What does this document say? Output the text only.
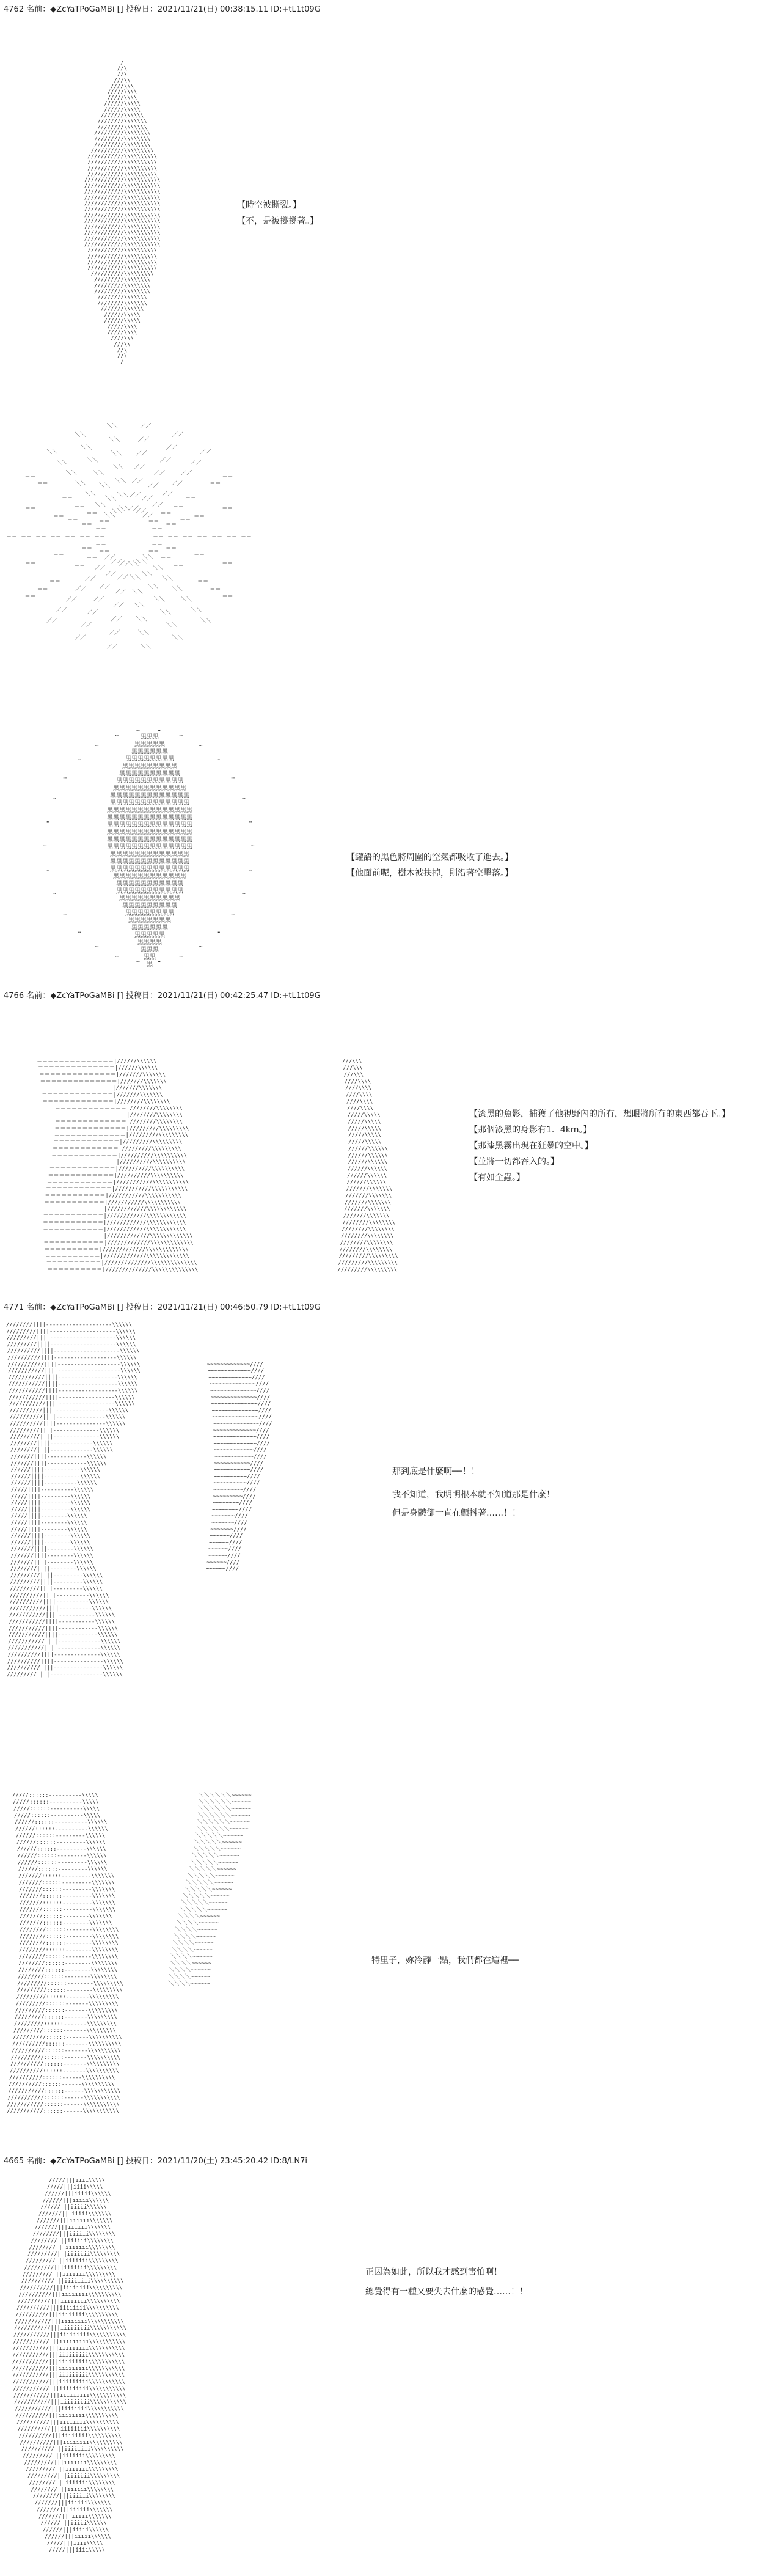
4762 名前：◆ZcYaTPoGaMBi [] 投稿日：2021/11/21(日) 00:38:15.11 ID:+tL1t09G
/
//\
//\
///\\
////\\\
/////\\\\
/////\\\\
//////\\\\\
//////\\\\\
///////\\\\\\
////////\\\\\\\
////////\\\\\\\
/////////\\\\\\\\
/////////\\\\\\\\
/////////\\\\\\\\
//////////\\\\\\\\\
///////////\\\\\\\\\\
///////////\\\\\\\\\\
///////////\\\\\\\\\\
///////////\\\\\\\\\\
////////////\\\\\\\\\\\
////////////\\\\\\\\\\\
////////////\\\\\\\\\\\
////////////\\\\\\\\\\\
////////////\\\\\\\\\\\
////////////\\\\\\\\\\\
////////////\\\\\\\\\\\
////////////\\\\\\\\\\\
////////////\\\\\\\\\\\
////////////\\\\\\\\\\\
////////////\\\\\\\\\\\
////////////\\\\\\\\\\\
///////////\\\\\\\\\\
///////////\\\\\\\\\\
///////////\\\\\\\\\\
///////////\\\\\\\\\\
//////////\\\\\\\\\
/////////\\\\\\\\
/////////\\\\\\\\
/////////\\\\\\\\
////////\\\\\\\
////////\\\\\\\
///////\\\\\\
//////\\\\\
//////\\\\\
/////\\\\
/////\\\\
////\\\
///\\
//\
//\
/
【時空被撕裂。】
【不，是被撐撐著。】
＝＝ ＝＝ ＝＝ ＝＝ ＝＝ ＝＝ ＝＝
＝＝
＝＝
＝＝
＝＝
＝＝
＝＝
＝＝
＝＝
＝＝
＝＝
＝＝
＝＝
＝＝
＝＝
＼＼
＼＼
＼＼
＼＼
＼＼
＼＼
＼＼
＼＼
＼＼
＼＼
＼＼
＼＼
＼＼
＼＼
＼＼
＼＼
＼＼
＼＼
＼＼
＼＼
＼＼
／／
／／
／／
／／
／／
／／
／／
／／
／／
／／
／／
／／
／／
／／
／／
／／
／／
／／
／／
／／
／／
＝＝
＝＝
＝＝
＝＝
＝＝
＝＝
＝＝
＝＝
＝＝
＝＝
＝＝
＝＝
＝＝
＝＝
＝＝
＝＝
＝＝
＝＝
＝＝
＝＝
＝＝
＝＝
＝＝
＝＝
＝＝
＝＝
＝＝
＝＝
＝＝
＝＝
＝＝
＝＝
＝＝
＝＝
＝＝
＼＼
＼＼
＼＼
＼＼
＼＼
＼＼
＼＼
＼＼
＼＼
＼＼
＼＼
＼＼
＼＼
＼＼
＼＼
＼＼
＼＼
＼＼
＼＼
＼＼
＼＼
／／
／／
／／
／／
／／
／／
／／
／／
／／
／／
／／
／／
／／
／／
／／
／／
／／
／／
／／
／／
／／
＝＝
＝＝
＝＝
＝＝
＝＝
＝＝
＝＝
＝＝
＝＝
＝＝
＝＝
＝＝
＝＝
＝＝
黒黒黒
黒黒黒黒黒
黒黒黒黒黒黒
黒黒黒黒黒黒黒黒
黒黒黒黒黒黒黒黒黒
黒黒黒黒黒黒黒黒黒黒
黒黒黒黒黒黒黒黒黒黒黒
黒黒黒黒黒黒黒黒黒黒黒黒
黒黒黒黒黒黒黒黒黒黒黒黒黒
黒黒黒黒黒黒黒黒黒黒黒黒黒
黒黒黒黒黒黒黒黒黒黒黒黒黒黒
黒黒黒黒黒黒黒黒黒黒黒黒黒黒
黒黒黒黒黒黒黒黒黒黒黒黒黒黒
黒黒黒黒黒黒黒黒黒黒黒黒黒黒
黒黒黒黒黒黒黒黒黒黒黒黒黒黒
黒黒黒黒黒黒黒黒黒黒黒黒黒黒
黒黒黒黒黒黒黒黒黒黒黒黒黒
黒黒黒黒黒黒黒黒黒黒黒黒黒
黒黒黒黒黒黒黒黒黒黒黒黒黒
黒黒黒黒黒黒黒黒黒黒黒黒
黒黒黒黒黒黒黒黒黒黒黒
黒黒黒黒黒黒黒黒黒黒黒
黒黒黒黒黒黒黒黒黒黒
黒黒黒黒黒黒黒黒黒
黒黒黒黒黒黒黒黒
黒黒黒黒黒黒黒
黒黒黒黒黒黒
黒黒黒黒黒
黒黒黒黒
黒黒黒
黒黒
黒
…
…
…
…
…
…
…
…
…
…
…
…
…
…
…
…
…
…
…
…
…
…
…	…
…
…
…
…
…
…
【罐語的黑色將周圍的空氣都吸收了進去。】
【他面前呢，樹木被扶掉，則沿著空擊落。】
4766 名前：◆ZcYaTPoGaMBi [] 投稿日：2021/11/21(日) 00:42:25.47 ID:+tL1t09G
＝＝＝＝＝＝＝＝＝＝＝＝＝＝|//////\\\\\\	///\\\
＝＝＝＝＝＝＝＝＝＝＝＝＝＝|//////\\\\\\	///\\\
＝＝＝＝＝＝＝＝＝＝＝＝＝＝|///////\\\\\\\	///\\\
＝＝＝＝＝＝＝＝＝＝＝＝＝＝|///////\\\\\\\	////\\\\
＝＝＝＝＝＝＝＝＝＝＝＝＝|///////\\\\\\\	////\\\\
＝＝＝＝＝＝＝＝＝＝＝＝＝|///////\\\\\\\	////\\\\
＝＝＝＝＝＝＝＝＝＝＝＝＝|////////\\\\\\\\	////\\\\
＝＝＝＝＝＝＝＝＝＝＝＝＝|////////\\\\\\\\	////\\\\
＝＝＝＝＝＝＝＝＝＝＝＝＝|////////\\\\\\\\	/////\\\\\
＝＝＝＝＝＝＝＝＝＝＝＝＝|////////\\\\\\\\	/////\\\\\
＝＝＝＝＝＝＝＝＝＝＝＝＝|/////////\\\\\\\\\	/////\\\\\
＝＝＝＝＝＝＝＝＝＝＝＝＝|/////////\\\\\\\\\	/////\\\\\
＝＝＝＝＝＝＝＝＝＝＝＝|/////////\\\\\\\\\	/////\\\\\
＝＝＝＝＝＝＝＝＝＝＝＝|/////////\\\\\\\\\	//////\\\\\\
＝＝＝＝＝＝＝＝＝＝＝＝|//////////\\\\\\\\\\	//////\\\\\\
＝＝＝＝＝＝＝＝＝＝＝＝|//////////\\\\\\\\\\	//////\\\\\\
＝＝＝＝＝＝＝＝＝＝＝＝|//////////\\\\\\\\\\	//////\\\\\\
＝＝＝＝＝＝＝＝＝＝＝＝|//////////\\\\\\\\\\	//////\\\\\\
＝＝＝＝＝＝＝＝＝＝＝＝|///////////\\\\\\\\\\\	//////\\\\\\
＝＝＝＝＝＝＝＝＝＝＝＝|///////////\\\\\\\\\\\	///////\\\\\\\
＝＝＝＝＝＝＝＝＝＝＝|///////////\\\\\\\\\\\	///////\\\\\\\
＝＝＝＝＝＝＝＝＝＝＝|///////////\\\\\\\\\\\	///////\\\\\\\
＝＝＝＝＝＝＝＝＝＝＝|////////////\\\\\\\\\\\\	///////\\\\\\\
＝＝＝＝＝＝＝＝＝＝＝|////////////\\\\\\\\\\\\	///////\\\\\\\
＝＝＝＝＝＝＝＝＝＝＝|////////////\\\\\\\\\\\\	////////\\\\\\\\
＝＝＝＝＝＝＝＝＝＝＝|////////////\\\\\\\\\\\\	////////\\\\\\\\
＝＝＝＝＝＝＝＝＝＝＝|/////////////\\\\\\\\\\\\\	////////\\\\\\\\
＝＝＝＝＝＝＝＝＝＝＝|/////////////\\\\\\\\\\\\\	////////\\\\\\\\
＝＝＝＝＝＝＝＝＝＝|/////////////\\\\\\\\\\\\\	////////\\\\\\\\
＝＝＝＝＝＝＝＝＝＝|/////////////\\\\\\\\\\\\\	/////////\\\\\\\\\
＝＝＝＝＝＝＝＝＝＝|//////////////\\\\\\\\\\\\\\	/////////\\\\\\\\\
＝＝＝＝＝＝＝＝＝＝|//////////////\\\\\\\\\\\\\\	/////////\\\\\\\\\
【漆黑的魚影，捕獲了他視野內的所有，想眼將所有的東西都吞下。】
【那個漆黑的身影有1．4km。】
【那漆黑霧出現在狂暴的空中。】
【並將一切都吞入的。】
【有如全蟲。】
4771 名前：◆ZcYaTPoGaMBi [] 投稿日：2021/11/21(日) 00:46:50.79 ID:+tL1t09G
////////||||‐‐‐‐‐‐‐‐‐‐‐‐‐‐‐‐‐‐‐‐\\\\\\
/////////||||‐‐‐‐‐‐‐‐‐‐‐‐‐‐‐‐‐‐‐‐\\\\\\
/////////||||‐‐‐‐‐‐‐‐‐‐‐‐‐‐‐‐‐‐‐‐\\\\\\
/////////||||‐‐‐‐‐‐‐‐‐‐‐‐‐‐‐‐‐‐‐‐\\\\\\
//////////||||‐‐‐‐‐‐‐‐‐‐‐‐‐‐‐‐‐‐‐‐\\\\\\
//////////||||‐‐‐‐‐‐‐‐‐‐‐‐‐‐‐‐‐‐‐\\\\\\
///////////||||‐‐‐‐‐‐‐‐‐‐‐‐‐‐‐‐‐‐‐\\\\\\	~~~~~~~~~~~~~////
///////////||||‐‐‐‐‐‐‐‐‐‐‐‐‐‐‐‐‐‐‐\\\\\\	~~~~~~~~~~~~~////
///////////||||‐‐‐‐‐‐‐‐‐‐‐‐‐‐‐‐‐‐\\\\\\	~~~~~~~~~~~~~////
///////////||||‐‐‐‐‐‐‐‐‐‐‐‐‐‐‐‐‐‐\\\\\\	~~~~~~~~~~~~~~////
///////////||||‐‐‐‐‐‐‐‐‐‐‐‐‐‐‐‐‐‐\\\\\\	~~~~~~~~~~~~~~////
///////////||||‐‐‐‐‐‐‐‐‐‐‐‐‐‐‐‐‐\\\\\\	~~~~~~~~~~~~~~////
///////////||||‐‐‐‐‐‐‐‐‐‐‐‐‐‐‐‐‐\\\\\\	~~~~~~~~~~~~~~////
//////////||||‐‐‐‐‐‐‐‐‐‐‐‐‐‐‐‐\\\\\\	~~~~~~~~~~~~~~////
//////////||||‐‐‐‐‐‐‐‐‐‐‐‐‐‐‐\\\\\\	~~~~~~~~~~~~~~////
//////////||||‐‐‐‐‐‐‐‐‐‐‐‐‐‐‐\\\\\\	~~~~~~~~~~~~~~////
/////////||||‐‐‐‐‐‐‐‐‐‐‐‐‐‐\\\\\\	~~~~~~~~~~~~~////
/////////||||‐‐‐‐‐‐‐‐‐‐‐‐‐‐\\\\\\	~~~~~~~~~~~~~////
////////||||‐‐‐‐‐‐‐‐‐‐‐‐‐\\\\\\	~~~~~~~~~~~~~////
////////||||‐‐‐‐‐‐‐‐‐‐‐‐‐\\\\\\	~~~~~~~~~~~~////
///////||||‐‐‐‐‐‐‐‐‐‐‐‐\\\\\\	~~~~~~~~~~~~////
///////||||‐‐‐‐‐‐‐‐‐‐‐‐\\\\\\	~~~~~~~~~~~////
//////||||‐‐‐‐‐‐‐‐‐‐‐\\\\\\	~~~~~~~~~~~////
//////||||‐‐‐‐‐‐‐‐‐‐‐\\\\\\	~~~~~~~~~~////
//////||||‐‐‐‐‐‐‐‐‐‐\\\\\\	~~~~~~~~~~////
/////||||‐‐‐‐‐‐‐‐‐‐\\\\\\	~~~~~~~~~////
/////||||‐‐‐‐‐‐‐‐‐\\\\\\	~~~~~~~~~////
/////||||‐‐‐‐‐‐‐‐‐\\\\\\	~~~~~~~~////
/////||||‐‐‐‐‐‐‐‐‐\\\\\\	~~~~~~~~////
/////||||‐‐‐‐‐‐‐‐\\\\\\	~~~~~~~////
/////||||‐‐‐‐‐‐‐‐\\\\\\	~~~~~~~////
/////||||‐‐‐‐‐‐‐‐\\\\\\	~~~~~~~////
//////||||‐‐‐‐‐‐‐‐\\\\\\	~~~~~~////
//////||||‐‐‐‐‐‐‐‐\\\\\\	~~~~~~////
///////||||‐‐‐‐‐‐‐‐\\\\\\	~~~~~~////
///////||||‐‐‐‐‐‐‐‐\\\\\\	~~~~~~////
///////||||‐‐‐‐‐‐‐‐\\\\\\	~~~~~~////
////////||||‐‐‐‐‐‐‐‐\\\\\\	~~~~~~////
/////////||||‐‐‐‐‐‐‐‐‐\\\\\\
/////////||||‐‐‐‐‐‐‐‐‐\\\\\\
/////////||||‐‐‐‐‐‐‐‐‐\\\\\\
//////////||||‐‐‐‐‐‐‐‐‐‐\\\\\\
//////////||||‐‐‐‐‐‐‐‐‐‐\\\\\\
///////////||||‐‐‐‐‐‐‐‐‐‐\\\\\\
///////////||||‐‐‐‐‐‐‐‐‐‐‐\\\\\\
///////////||||‐‐‐‐‐‐‐‐‐‐‐\\\\\\
///////////||||‐‐‐‐‐‐‐‐‐‐‐‐\\\\\\
///////////||||‐‐‐‐‐‐‐‐‐‐‐‐\\\\\\
///////////||||‐‐‐‐‐‐‐‐‐‐‐‐‐\\\\\\
///////////||||‐‐‐‐‐‐‐‐‐‐‐‐‐\\\\\\
//////////||||‐‐‐‐‐‐‐‐‐‐‐‐‐‐\\\\\\
//////////||||‐‐‐‐‐‐‐‐‐‐‐‐‐‐‐\\\\\\
//////////||||‐‐‐‐‐‐‐‐‐‐‐‐‐‐‐\\\\\\
/////////||||‐‐‐‐‐‐‐‐‐‐‐‐‐‐‐‐\\\\\\
那到底是什麼啊──！！
我不知道，我明明根本就不知道那是什麼！
但是身體卻一直在顫抖著……！！
/////::::::‐‐‐‐‐‐‐‐‐‐\\\\\	＼＼＼＼＼＼~~~~~~
/////::::::‐‐‐‐‐‐‐‐‐‐\\\\\	＼＼＼＼＼＼~~~~~~
/////::::::‐‐‐‐‐‐‐‐‐‐\\\\\	＼＼＼＼＼＼~~~~~~
/////::::::‐‐‐‐‐‐‐‐‐‐\\\\\	＼＼＼＼＼＼~~~~~~
//////::::::‐‐‐‐‐‐‐‐‐‐\\\\\\	＼＼＼＼＼＼~~~~~~
//////::::::‐‐‐‐‐‐‐‐‐‐\\\\\\	＼＼＼＼＼＼~~~~~~
//////::::::‐‐‐‐‐‐‐‐‐\\\\\\	＼＼＼＼＼~~~~~~
//////::::::‐‐‐‐‐‐‐‐‐\\\\\\	＼＼＼＼＼~~~~~~
//////::::::‐‐‐‐‐‐‐‐‐\\\\\\	＼＼＼＼＼~~~~~~
//////::::::‐‐‐‐‐‐‐‐‐\\\\\\	＼＼＼＼＼~~~~~~
//////::::::‐‐‐‐‐‐‐‐‐\\\\\\	＼＼＼＼＼~~~~~~
//////::::::‐‐‐‐‐‐‐‐‐\\\\\\	＼＼＼＼＼~~~~~~
///////::::::‐‐‐‐‐‐‐‐‐\\\\\\\	＼＼＼＼＼~~~~~~
///////::::::‐‐‐‐‐‐‐‐‐\\\\\\\	＼＼＼＼＼~~~~~~
///////::::::‐‐‐‐‐‐‐‐‐\\\\\\\	＼＼＼＼＼~~~~~~
///////::::::‐‐‐‐‐‐‐‐‐\\\\\\\	＼＼＼＼＼~~~~~~
///////::::::‐‐‐‐‐‐‐‐‐\\\\\\\	＼＼＼＼＼~~~~~~
///////::::::‐‐‐‐‐‐‐‐‐\\\\\\\	＼＼＼＼＼~~~~~~
///////::::::‐‐‐‐‐‐‐‐\\\\\\\	＼＼＼＼~~~~~~
///////::::::‐‐‐‐‐‐‐‐\\\\\\\	＼＼＼＼~~~~~~
////////::::::‐‐‐‐‐‐‐‐\\\\\\\\	＼＼＼＼~~~~~~
////////::::::‐‐‐‐‐‐‐‐\\\\\\\\	＼＼＼＼~~~~~~
////////::::::‐‐‐‐‐‐‐‐\\\\\\\\	＼＼＼＼~~~~~~
////////::::::‐‐‐‐‐‐‐‐\\\\\\\\	＼＼＼＼~~~~~~
////////::::::‐‐‐‐‐‐‐‐\\\\\\\\	＼＼＼＼~~~~~~
////////::::::‐‐‐‐‐‐‐‐\\\\\\\\	＼＼＼＼~~~~~~
////////::::::‐‐‐‐‐‐‐‐\\\\\\\\	＼＼＼＼~~~~~~
////////::::::‐‐‐‐‐‐‐‐\\\\\\\\	＼＼＼＼~~~~~~
/////////::::::‐‐‐‐‐‐‐‐\\\\\\\\\	＼＼＼＼~~~~~~
/////////::::::‐‐‐‐‐‐‐‐\\\\\\\\\
/////////::::::‐‐‐‐‐‐‐\\\\\\\\\
/////////::::::‐‐‐‐‐‐‐\\\\\\\\\
/////////::::::‐‐‐‐‐‐‐\\\\\\\\\
/////////::::::‐‐‐‐‐‐‐\\\\\\\\\
/////////::::::‐‐‐‐‐‐‐\\\\\\\\\
/////////::::::‐‐‐‐‐‐‐\\\\\\\\\
//////////::::::‐‐‐‐‐‐‐\\\\\\\\\\
//////////::::::‐‐‐‐‐‐‐\\\\\\\\\\
//////////::::::‐‐‐‐‐‐‐\\\\\\\\\\
//////////::::::‐‐‐‐‐‐‐\\\\\\\\\\
//////////::::::‐‐‐‐‐‐‐\\\\\\\\\\
//////////::::::‐‐‐‐‐‐‐\\\\\\\\\\
//////////::::::‐‐‐‐‐‐\\\\\\\\\\
//////////::::::‐‐‐‐‐‐\\\\\\\\\\
///////////::::::‐‐‐‐‐‐\\\\\\\\\\\
///////////::::::‐‐‐‐‐‐\\\\\\\\\\\
///////////::::::‐‐‐‐‐‐\\\\\\\\\\\
///////////::::::‐‐‐‐‐‐\\\\\\\\\\\
特里子，妳冷靜一點，我們都在這裡──
4665 名前：◆ZcYaTPoGaMBi [] 投稿日：2021/11/20(土) 23:45:20.42 ID:8/LN7i
/////|||iiii\\\\\
/////|||iiii\\\\\
//////|||iiiii\\\\\\
//////|||iiiii\\\\\\
//////|||iiiii\\\\\\
///////|||iiiii\\\\\\\
///////|||iiiiii\\\\\\\
///////|||iiiiii\\\\\\\
////////|||iiiiii\\\\\\\\
////////|||iiiiii\\\\\\\\
////////|||iiiiiii\\\\\\\\
/////////|||iiiiiii\\\\\\\\\
/////////|||iiiiiii\\\\\\\\\
/////////|||iiiiiii\\\\\\\\\
/////////|||iiiiiii\\\\\\\\\
//////////|||iiiiiiii\\\\\\\\\\
//////////|||iiiiiiii\\\\\\\\\\
//////////|||iiiiiiii\\\\\\\\\\
//////////|||iiiiiiii\\\\\\\\\\
//////////|||iiiiiiii\\\\\\\\\\
//////////|||iiiiiiii\\\\\\\\\\
///////////|||iiiiiiii\\\\\\\\\\\
///////////|||iiiiiiiii\\\\\\\\\\\
///////////|||iiiiiiiii\\\\\\\\\\\
///////////|||iiiiiiiii\\\\\\\\\\\
///////////|||iiiiiiiii\\\\\\\\\\\
///////////|||iiiiiiiii\\\\\\\\\\\
///////////|||iiiiiiiii\\\\\\\\\\\
///////////|||iiiiiiiii\\\\\\\\\\\
///////////|||iiiiiiiii\\\\\\\\\\\
///////////|||iiiiiiiii\\\\\\\\\\\
///////////|||iiiiiiiii\\\\\\\\\\\
///////////|||iiiiiiiii\\\\\\\\\\\
///////////|||iiiiiiiii\\\\\\\\\\\
///////////|||iiiiiiii\\\\\\\\\\\
//////////|||iiiiiiii\\\\\\\\\\
//////////|||iiiiiiii\\\\\\\\\\
//////////|||iiiiiiii\\\\\\\\\\
//////////|||iiiiiiii\\\\\\\\\\
//////////|||iiiiiiii\\\\\\\\\\
//////////|||iiiiiiii\\\\\\\\\\
/////////|||iiiiiii\\\\\\\\\
/////////|||iiiiiii\\\\\\\\\
/////////|||iiiiiii\\\\\\\\\
/////////|||iiiiiii\\\\\\\\\
////////|||iiiiiii\\\\\\\\
////////|||iiiiii\\\\\\\\
////////|||iiiiii\\\\\\\\
///////|||iiiiii\\\\\\\
///////|||iiiiii\\\\\\\
///////|||iiiii\\\\\\\
//////|||iiiii\\\\\\
//////|||iiiii\\\\\\
//////|||iiiii\\\\\\
/////|||iiii\\\\\
/////|||iiii\\\\\
正因為如此，所以我才感到害怕啊！
總覺得有一種又要失去什麼的感覺……！！
